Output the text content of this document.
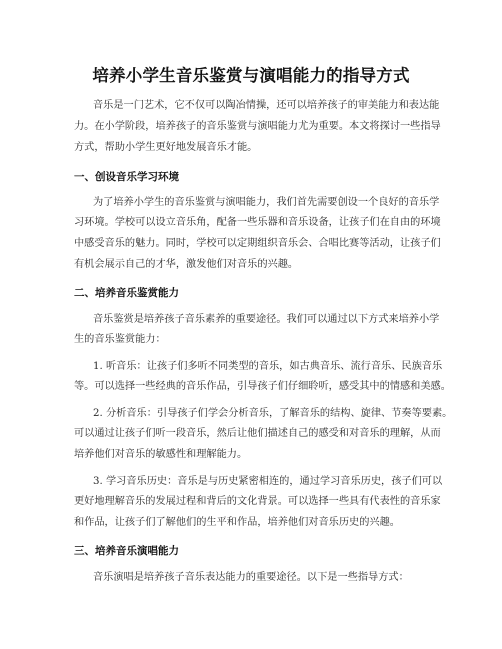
培养小学生音乐鉴赏与演唱能力的指导方式
音乐是一门艺术，它不仅可以陶冶情操，还可以培养孩子的审美能力和表达能
力。在小学阶段，培养孩子的音乐鉴赏与演唱能力尤为重要。本文将探讨一些指导
方式，帮助小学生更好地发展音乐才能。
一、创设音乐学习环境
为了培养小学生的音乐鉴赏与演唱能力，我们首先需要创设一个良好的音乐学
习环境。学校可以设立音乐角，配备一些乐器和音乐设备，让孩子们在自由的环境
中感受音乐的魅力。同时，学校可以定期组织音乐会、合唱比赛等活动，让孩子们
有机会展示自己的才华，激发他们对音乐的兴趣。
二、培养音乐鉴赏能力
音乐鉴赏是培养孩子音乐素养的重要途径。我们可以通过以下方式来培养小学
生的音乐鉴赏能力：
1. 听音乐：让孩子们多听不同类型的音乐，如古典音乐、流行音乐、民族音乐
等。可以选择一些经典的音乐作品，引导孩子们仔细聆听，感受其中的情感和美感。
2. 分析音乐：引导孩子们学会分析音乐，了解音乐的结构、旋律、节奏等要素。
可以通过让孩子们听一段音乐，然后让他们描述自己的感受和对音乐的理解，从而
培养他们对音乐的敏感性和理解能力。
3. 学习音乐历史：音乐是与历史紧密相连的，通过学习音乐历史，孩子们可以
更好地理解音乐的发展过程和背后的文化背景。可以选择一些具有代表性的音乐家
和作品，让孩子们了解他们的生平和作品，培养他们对音乐历史的兴趣。
三、培养音乐演唱能力
音乐演唱是培养孩子音乐表达能力的重要途径。以下是一些指导方式：
